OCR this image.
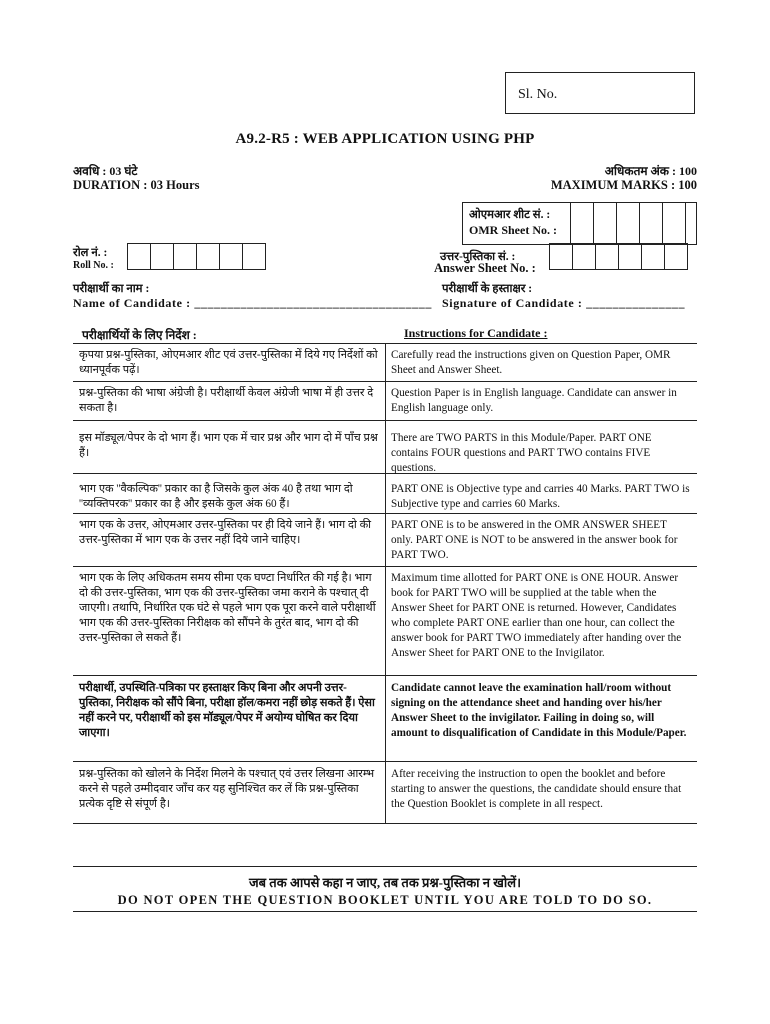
Sl. No.
A9.2-R5 : WEB APPLICATION USING PHP
अवधि : 03 घंटे
DURATION : 03 Hours
अधिकतम अंक : 100
MAXIMUM MARKS : 100
ओएमआर शीट सं. :
OMR Sheet No. :
रोल नं. :
Roll No. :
उत्तर-पुस्तिका सं. :
Answer Sheet No. :
परीक्षार्थी का नाम :
Name of Candidate : ____________________________________
परीक्षार्थी के हस्ताक्षर :
Signature of Candidate : _______________
परीक्षार्थियों के लिए निर्देश :	Instructions for Candidate :
कृपया प्रश्न-पुस्तिका, ओएमआर शीट एवं उत्तर-पुस्तिका में दिये गए निर्देशों को ध्यानपूर्वक पढ़ें।
Carefully read the instructions given on Question Paper, OMR Sheet and Answer Sheet.
प्रश्न-पुस्तिका की भाषा अंग्रेजी है। परीक्षार्थी केवल अंग्रेजी भाषा में ही उत्तर दे सकता है।
Question Paper is in English language. Candidate can answer in English language only.
इस मॉड्यूल/पेपर के दो भाग हैं। भाग एक में चार प्रश्न और भाग दो में पाँच प्रश्न हैं।
There are TWO PARTS in this Module/Paper. PART ONE contains FOUR questions and PART TWO contains FIVE questions.
भाग एक ''वैकल्पिक'' प्रकार का है जिसके कुल अंक 40 है तथा भाग दो ''व्यक्तिपरक'' प्रकार का है और इसके कुल अंक 60 हैं।
PART ONE is Objective type and carries 40 Marks. PART TWO is Subjective type and carries 60 Marks.
भाग एक के उत्तर, ओएमआर उत्तर-पुस्तिका पर ही दिये जाने हैं। भाग दो की उत्तर-पुस्तिका में भाग एक के उत्तर नहीं दिये जाने चाहिए।
PART ONE is to be answered in the OMR ANSWER SHEET only. PART ONE is NOT to be answered in the answer book for PART TWO.
भाग एक के लिए अधिकतम समय सीमा एक घण्टा निर्धारित की गई है। भाग दो की उत्तर-पुस्तिका, भाग एक की उत्तर-पुस्तिका जमा कराने के पश्चात् दी जाएगी। तथापि, निर्धारित एक घंटे से पहले भाग एक पूरा करने वाले परीक्षार्थी भाग एक की उत्तर-पुस्तिका निरीक्षक को सौंपने के तुरंत बाद, भाग दो की उत्तर-पुस्तिका ले सकते हैं।
Maximum time allotted for PART ONE is ONE HOUR. Answer book for PART TWO will be supplied at the table when the Answer Sheet for PART ONE is returned. However, Candidates who complete PART ONE earlier than one hour, can collect the answer book for PART TWO immediately after handing over the Answer Sheet for PART ONE to the Invigilator.
परीक्षार्थी, उपस्थिति-पत्रिका पर हस्ताक्षर किए बिना और अपनी उत्तर-पुस्तिका, निरीक्षक को सौंपे बिना, परीक्षा हॉल/कमरा नहीं छोड़ सकते हैं। ऐसा नहीं करने पर, परीक्षार्थी को इस मॉड्यूल/पेपर में अयोग्य घोषित कर दिया जाएगा।
Candidate cannot leave the examination hall/room without signing on the attendance sheet and handing over his/her Answer Sheet to the invigilator. Failing in doing so, will amount to disqualification of Candidate in this Module/Paper.
प्रश्न-पुस्तिका को खोलने के निर्देश मिलने के पश्चात् एवं उत्तर लिखना आरम्भ करने से पहले उम्मीदवार जाँच कर यह सुनिश्चित कर लें कि प्रश्न-पुस्तिका प्रत्येक दृष्टि से संपूर्ण है।
After receiving the instruction to open the booklet and before starting to answer the questions, the candidate should ensure that the Question Booklet is complete in all respect.
जब तक आपसे कहा न जाए, तब तक प्रश्न-पुस्तिका न खोलें।
DO NOT OPEN THE QUESTION BOOKLET UNTIL YOU ARE TOLD TO DO SO.
